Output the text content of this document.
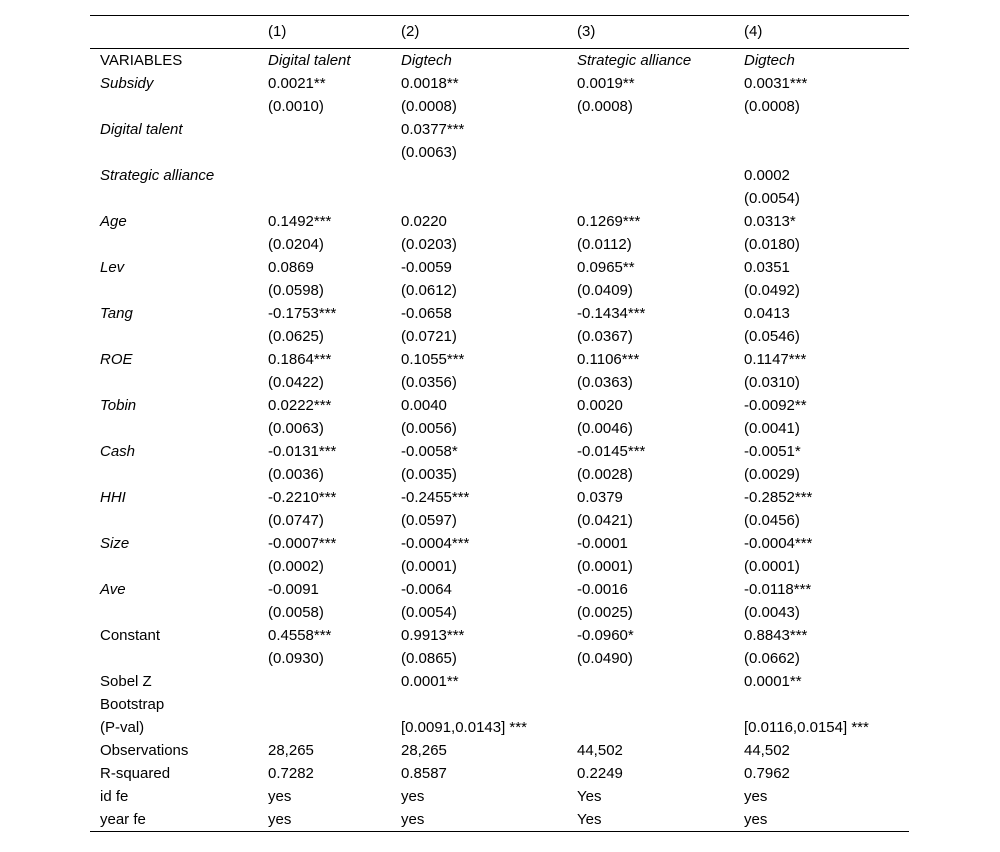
	(1)	(2)	(3)	(4)
VARIABLES	Digital talent	Digtech	Strategic alliance	Digtech
Subsidy	0.0021**	0.0018**	0.0019**	0.0031***
	(0.0010)	(0.0008)	(0.0008)	(0.0008)
Digital talent		0.0377***		
		(0.0063)		
Strategic alliance				0.0002
				(0.0054)
Age	0.1492***	0.0220	0.1269***	0.0313*
	(0.0204)	(0.0203)	(0.0112)	(0.0180)
Lev	0.0869	-0.0059	0.0965**	0.0351
	(0.0598)	(0.0612)	(0.0409)	(0.0492)
Tang	-0.1753***	-0.0658	-0.1434***	0.0413
	(0.0625)	(0.0721)	(0.0367)	(0.0546)
ROE	0.1864***	0.1055***	0.1106***	0.1147***
	(0.0422)	(0.0356)	(0.0363)	(0.0310)
Tobin	0.0222***	0.0040	0.0020	-0.0092**
	(0.0063)	(0.0056)	(0.0046)	(0.0041)
Cash	-0.0131***	-0.0058*	-0.0145***	-0.0051*
	(0.0036)	(0.0035)	(0.0028)	(0.0029)
HHI	-0.2210***	-0.2455***	0.0379	-0.2852***
	(0.0747)	(0.0597)	(0.0421)	(0.0456)
Size	-0.0007***	-0.0004***	-0.0001	-0.0004***
	(0.0002)	(0.0001)	(0.0001)	(0.0001)
Ave	-0.0091	-0.0064	-0.0016	-0.0118***
	(0.0058)	(0.0054)	(0.0025)	(0.0043)
Constant	0.4558***	0.9913***	-0.0960*	0.8843***
	(0.0930)	(0.0865)	(0.0490)	(0.0662)
Sobel Z		0.0001**		0.0001**
Bootstrap				
(P-val)		[0.0091,0.0143] ***		[0.0116,0.0154] ***
Observations	28,265	28,265	44,502	44,502
R-squared	0.7282	0.8587	0.2249	0.7962
id fe	yes	yes	Yes	yes
year fe	yes	yes	Yes	yes
